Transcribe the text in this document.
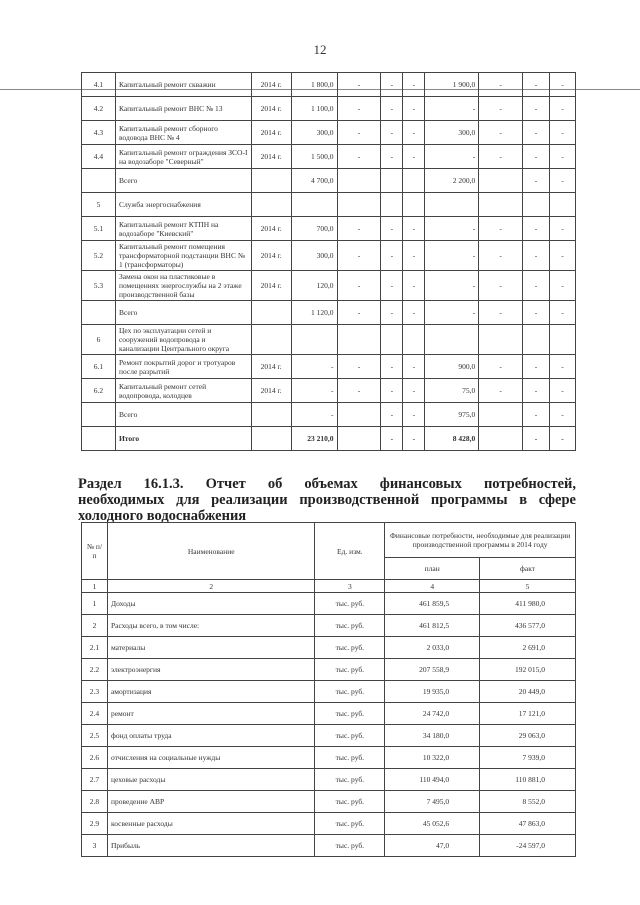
12
4.1	Капитальный ремонт скважин	2014 г.	1 800,0	-	-	-	1 900,0	-	-	-
4.2	Капитальный ремонт ВНС № 13	2014 г.	1 100,0	-	-	-	-	-	-	-
4.3	Капитальный ремонт сборного водовода ВНС № 4	2014 г.	300,0	-	-	-	300,0	-	-	-
4.4	Капитальный ремонт ограждения ЗСО-I на водозаборе "Северный"	2014 г.	1 500,0	-	-	-	-	-	-	-
	Всего		4 700,0				2 200,0		-	-
5	Служба энергоснабжения									
5.1	Капитальный ремонт КТПН на водозаборе "Киевский"	2014 г.	700,0	-	-	-	-	-	-	-
5.2	Капитальный ремонт помещения трансформаторной подстанции ВНС № 1 (трансформаторы)	2014 г.	300,0	-	-	-	-	-	-	-
5.3	Замена окон на пластиковые в помещениях энергослужбы на 2 этаже производственной базы	2014 г.	120,0	-	-	-	-	-	-	-
	Всего		1 120,0	-	-	-	-	-	-	-
6	Цех по эксплуатации сетей и сооружений водопровода и канализации Центрального округа									
6.1	Ремонт покрытий дорог и тротуаров после разрытий	2014 г.	-	-	-	-	900,0	-	-	-
6.2	Капитальный ремонт сетей водопровода, колодцев	2014 г.	-	-	-	-	75,0	-	-	-
	Всего		-		-	-	975,0		-	-
	Итого		23 210,0		-	-	8 428,0		-	-
Раздел 16.1.3. Отчет об объемах финансовых потребностей,
необходимых для реализации производственной программы в сфере
холодного водоснабжения
№ п/п	Наименование	Ед. изм.	Финансовые потребности, необходимые для реализации производственной программы в 2014 году	
			план	факт
1	2	3	4	5
1	Доходы	тыс. руб.	461 859,5	411 980,0
2	Расходы всего, в том числе:	тыс. руб.	461 812,5	436 577,0
2.1	материалы	тыс. руб.	2 033,0	2 691,0
2.2	электроэнергия	тыс. руб.	207 558,9	192 015,0
2.3	амортизация	тыс. руб.	19 935,0	20 449,0
2.4	ремонт	тыс. руб.	24 742,0	17 121,0
2.5	фонд оплаты труда	тыс. руб.	34 180,0	29 063,0
2.6	отчисления на социальные нужды	тыс. руб.	10 322,0	7 939,0
2.7	цеховые расходы	тыс. руб.	110 494,0	110 881,0
2.8	проведение АВР	тыс. руб.	7 495,0	8 552,0
2.9	косвенные расходы	тыс. руб.	45 052,6	47 863,0
3	Прибыль	тыс. руб.	47,0	-24 597,0
